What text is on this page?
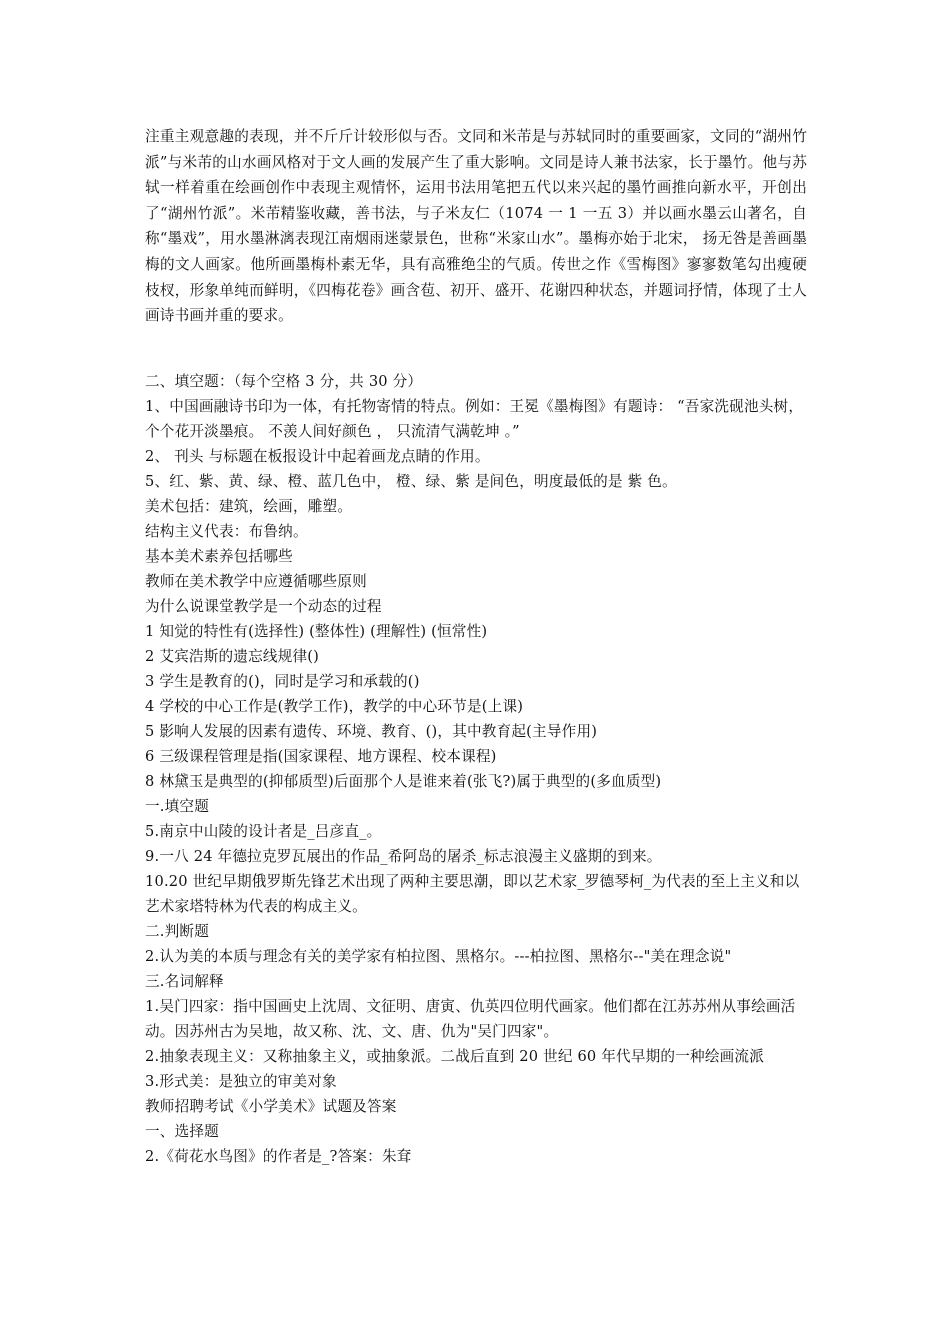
注重主观意趣的表现，并不斤斤计较形似与否。文同和米芾是与苏轼同时的重要画家，文同的“湖州竹派”与米芾的山水画风格对于文人画的发展产生了重大影响。文同是诗人兼书法家，长于墨竹。他与苏轼一样着重在绘画创作中表现主观情怀，运用书法用笔把五代以来兴起的墨竹画推向新水平，开创出了“湖州竹派”。米芾精鉴收藏，善书法，与子米友仁（1074 一 1 一五 3）并以画水墨云山著名，自称“墨戏”，用水墨淋漓表现江南烟雨迷蒙景色，世称“米家山水”。墨梅亦始于北宋， 扬无咎是善画墨梅的文人画家。他所画墨梅朴素无华，具有高雅绝尘的气质。传世之作《雪梅图》寥寥数笔勾出瘦硬枝杈，形象单纯而鲜明，《四梅花卷》画含苞、初开、盛开、花谢四种状态，并题词抒情，体现了士人画诗书画并重的要求。

二、填空题：（每个空格 3 分，共 30 分）

1、中国画融诗书印为一体，有托物寄情的特点。例如：王冕《墨梅图》有题诗： “吾家洗砚池头树，个个花开淡墨痕。 不羡人间好颜色 ， 只流清气满乾坤 。”

2、 刊头 与标题在板报设计中起着画龙点睛的作用。

5、红、紫、黄、绿、橙、蓝几色中， 橙、绿、紫 是间色，明度最低的是 紫 色。

美术包括：建筑，绘画，雕塑。

结构主义代表：布鲁纳。

基本美术素养包括哪些

教师在美术教学中应遵循哪些原则

为什么说课堂教学是一个动态的过程

1 知觉的特性有(选择性) (整体性) (理解性) (恒常性)

2 艾宾浩斯的遗忘线规律()

3 学生是教育的()，同时是学习和承载的()

4 学校的中心工作是(教学工作)，教学的中心环节是(上课)

5 影响人发展的因素有遗传、环境、教育、()，其中教育起(主导作用)

6 三级课程管理是指(国家课程、地方课程、校本课程)

8 林黛玉是典型的(抑郁质型)后面那个人是谁来着(张飞?)属于典型的(多血质型)

一.填空题

5.南京中山陵的设计者是_吕彦直_。

9.一八 24 年德拉克罗瓦展出的作品_希阿岛的屠杀_标志浪漫主义盛期的到来。

10.20 世纪早期俄罗斯先锋艺术出现了两种主要思潮，即以艺术家_罗德琴柯_为代表的至上主义和以艺术家塔特林为代表的构成主义。

二.判断题

2.认为美的本质与理念有关的美学家有柏拉图、黑格尔。---柏拉图、黑格尔--"美在理念说"

三.名词解释

1.吴门四家：指中国画史上沈周、文征明、唐寅、仇英四位明代画家。他们都在江苏苏州从事绘画活动。因苏州古为吴地，故又称、沈、文、唐、仇为"吴门四家"。

2.抽象表现主义：又称抽象主义，或抽象派。二战后直到 20 世纪 60 年代早期的一种绘画流派

3.形式美：是独立的审美对象

教师招聘考试《小学美术》试题及答案

一、选择题

2.《荷花水鸟图》的作者是_?答案：朱耷
